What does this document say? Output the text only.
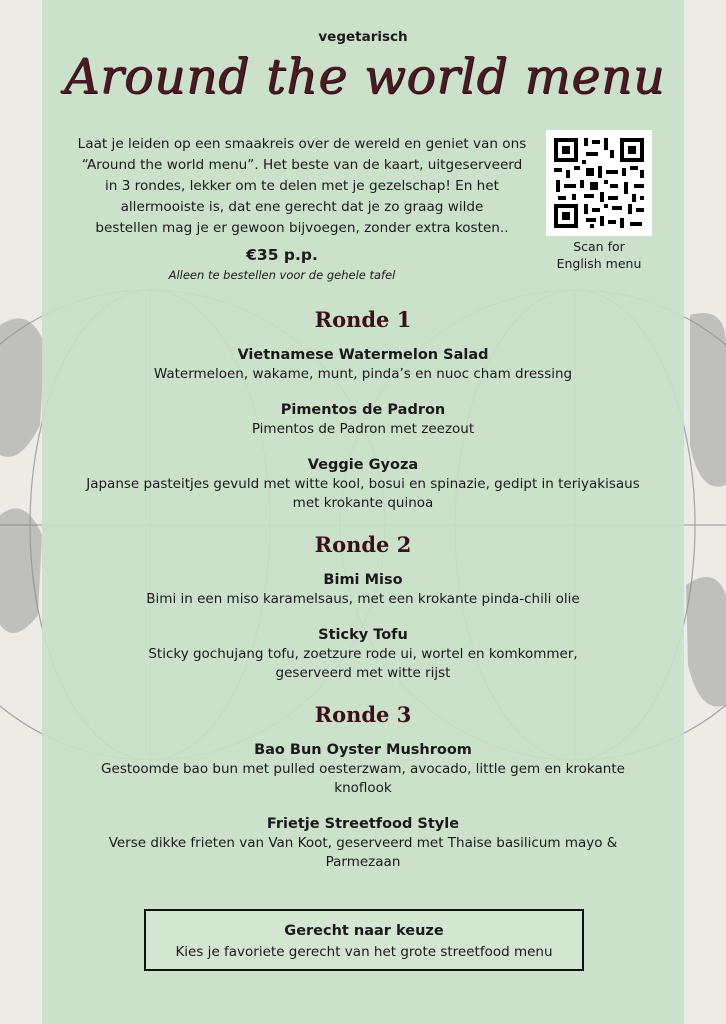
vegetarisch
Around the world menu
Laat je leiden op een smaakreis over de wereld en geniet van ons
“Around the world menu”. Het beste van de kaart, uitgeserveerd
in 3 rondes, lekker om te delen met je gezelschap! En het
allermooiste is, dat ene gerecht dat je zo graag wilde
bestellen mag je er gewoon bijvoegen, zonder extra kosten..
Scan for
English menu
€35 p.p.
Alleen te bestellen voor de gehele tafel
Ronde 1
Vietnamese Watermelon Salad
Watermeloen, wakame, munt, pinda’s en nuoc cham dressing
Pimentos de Padron
Pimentos de Padron met zeezout
Veggie Gyoza
Japanse pasteitjes gevuld met witte kool, bosui en spinazie, gedipt in teriyakisaus
met krokante quinoa
Ronde 2
Bimi Miso
Bimi in een miso karamelsaus, met een krokante pinda-chili olie
Sticky Tofu
Sticky gochujang tofu, zoetzure rode ui, wortel en komkommer,
geserveerd met witte rijst
Ronde 3
Bao Bun Oyster Mushroom
Gestoomde bao bun met pulled oesterzwam, avocado, little gem en krokante
knoflook
Frietje Streetfood Style
Verse dikke frieten van Van Koot, geserveerd met Thaise basilicum mayo &
Parmezaan
Gerecht naar keuze
Kies je favoriete gerecht van het grote streetfood menu
